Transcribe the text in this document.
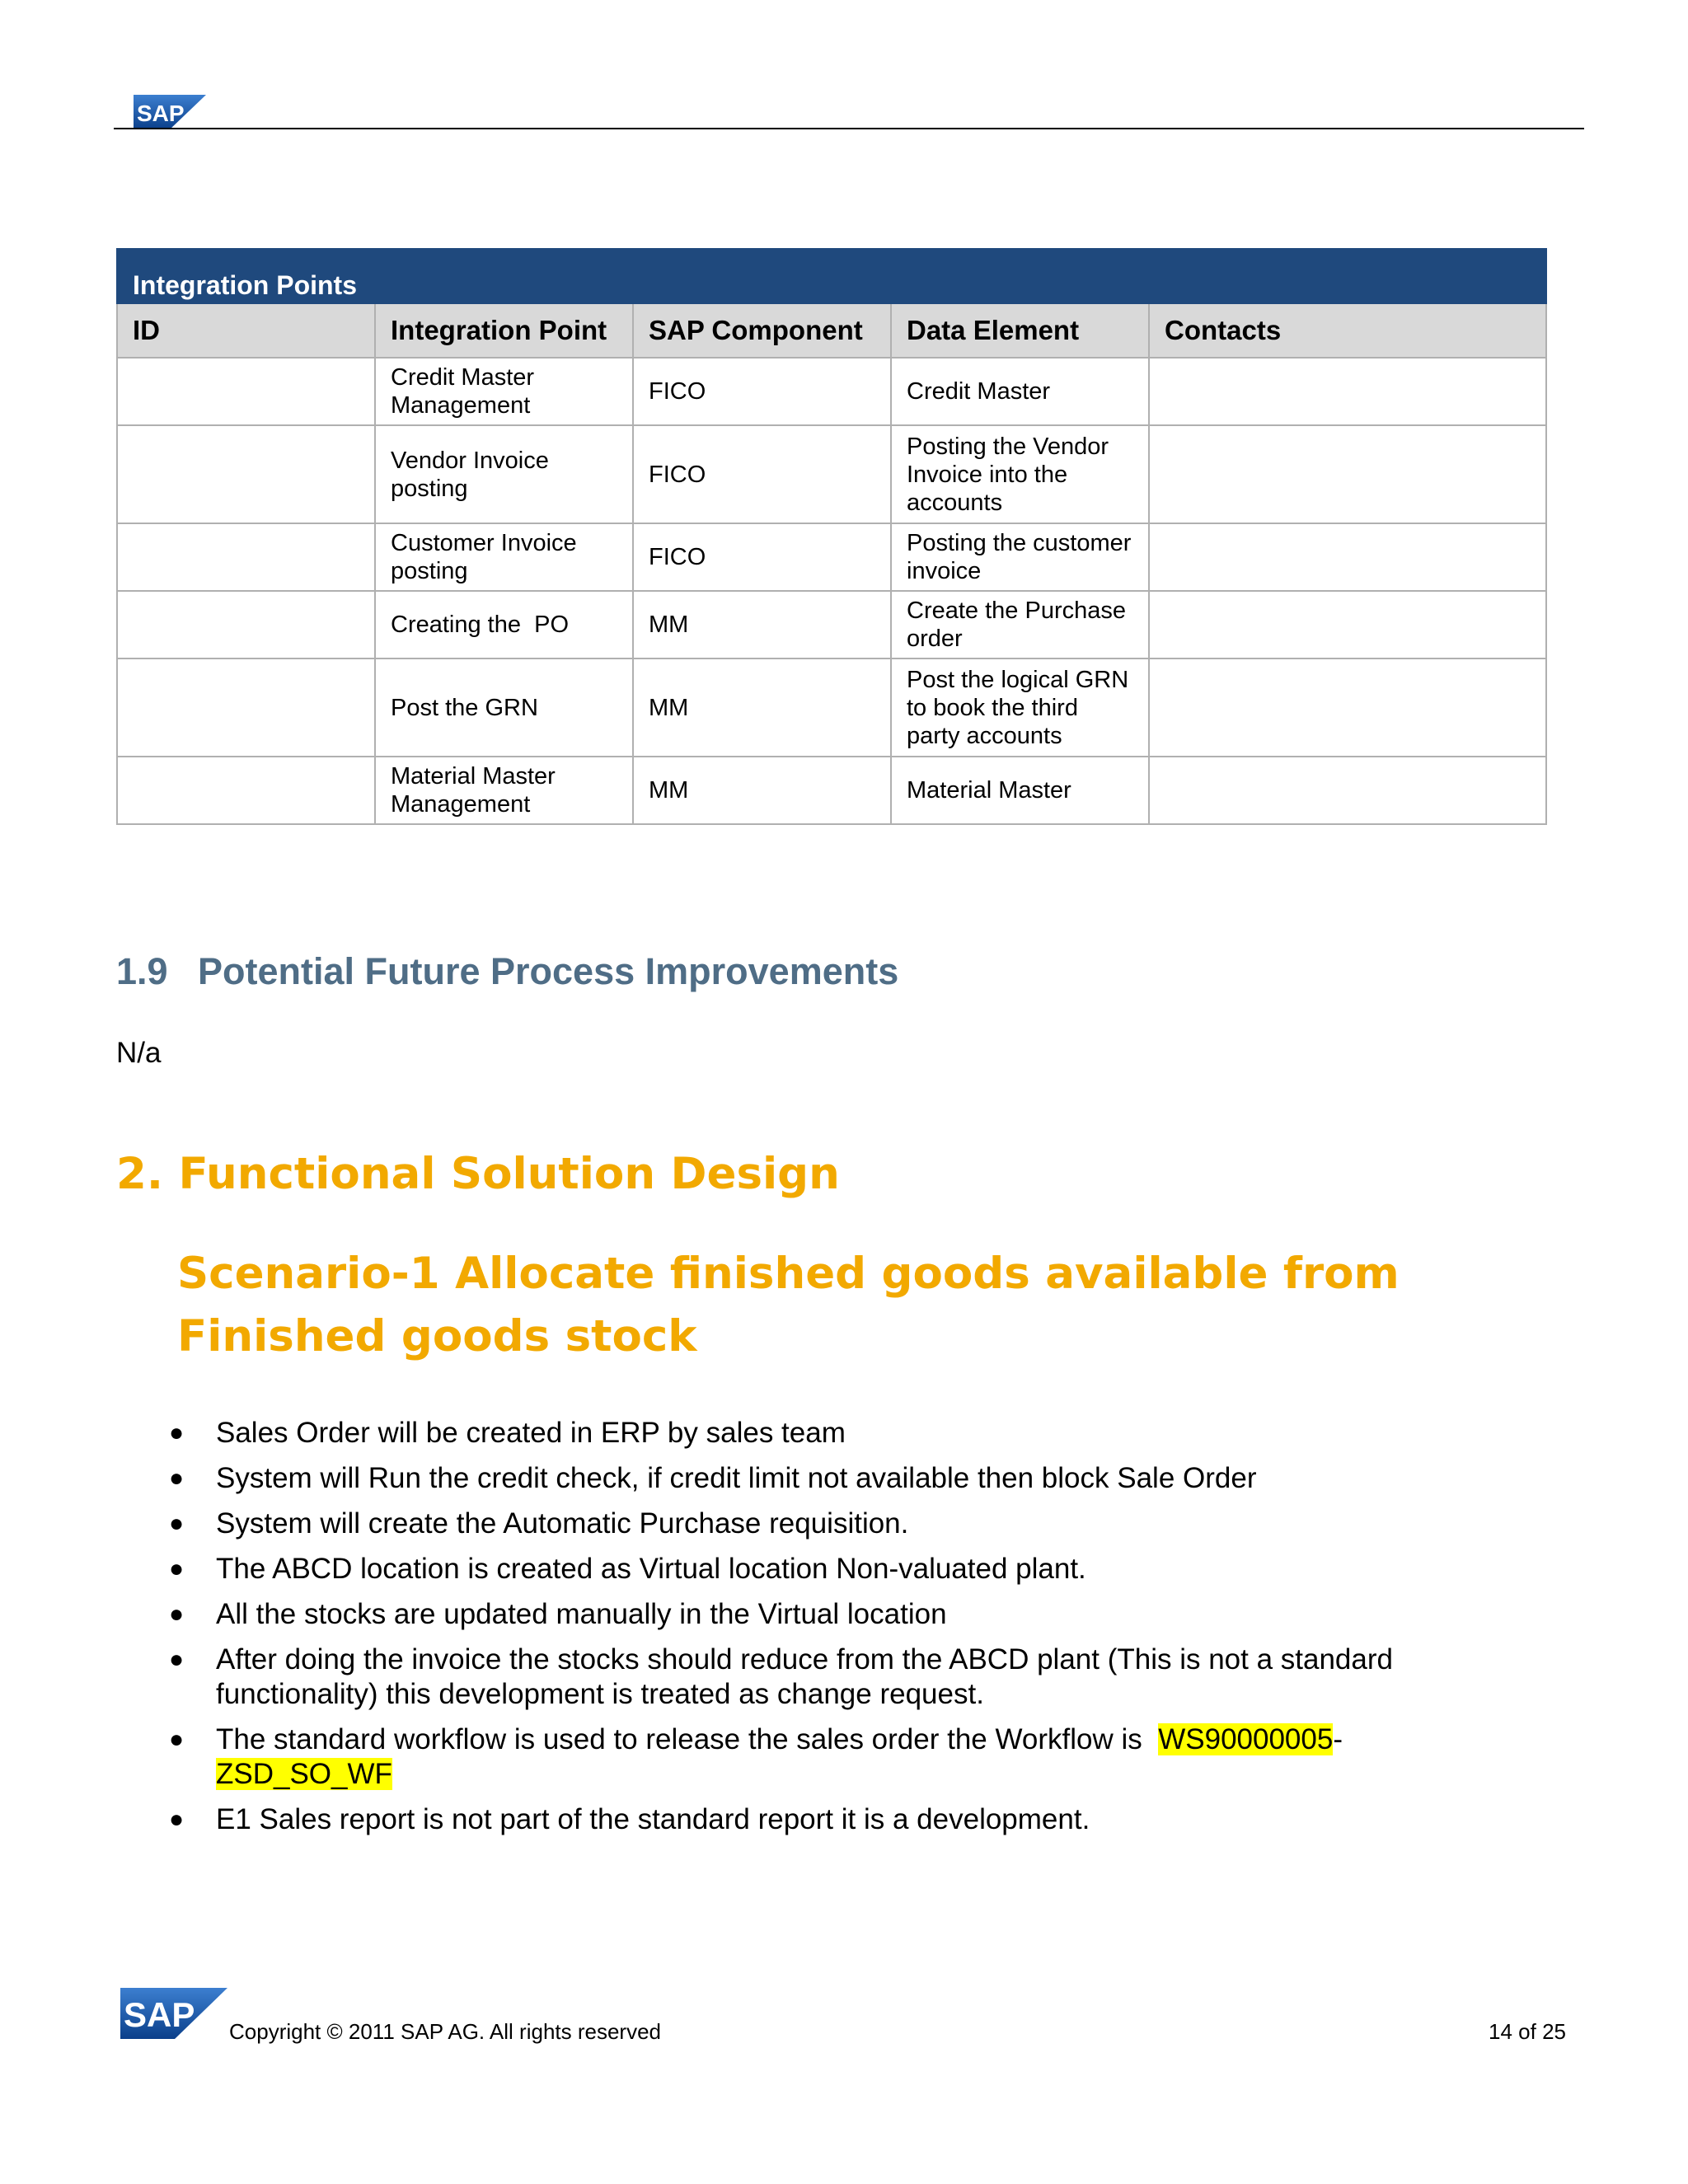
SAP
Integration Points				
ID	Integration Point	SAP Component	Data Element	Contacts
	Credit Master Management	FICO	Credit Master	
	Vendor Invoice posting	FICO	Posting the Vendor Invoice into the accounts	
	Customer Invoice posting	FICO	Posting the customer invoice	
	Creating the  PO	MM	Create the Purchase order	
	Post the GRN	MM	Post the logical GRN to book the third party accounts	
	Material Master Management	MM	Material Master	
1.9 Potential Future Process Improvements

N/a

2. Functional Solution Design
Scenario-1 Allocate finished goods available from Finished goods stock
● Sales Order will be created in ERP by sales team
● System will Run the credit check, if credit limit not available then block Sale Order
● System will create the Automatic Purchase requisition.
● The ABCD location is created as Virtual location Non-valuated plant.
● All the stocks are updated manually in the Virtual location
● After doing the invoice the stocks should reduce from the ABCD plant (This is not a standard functionality) this development is treated as change request.
● The standard workflow is used to release the sales order the Workflow is  WS90000005-
ZSD_SO_WF
● E1 Sales report is not part of the standard report it is a development.
SAP Copyright © 2011 SAP AG. All rights reserved	14 of 25
